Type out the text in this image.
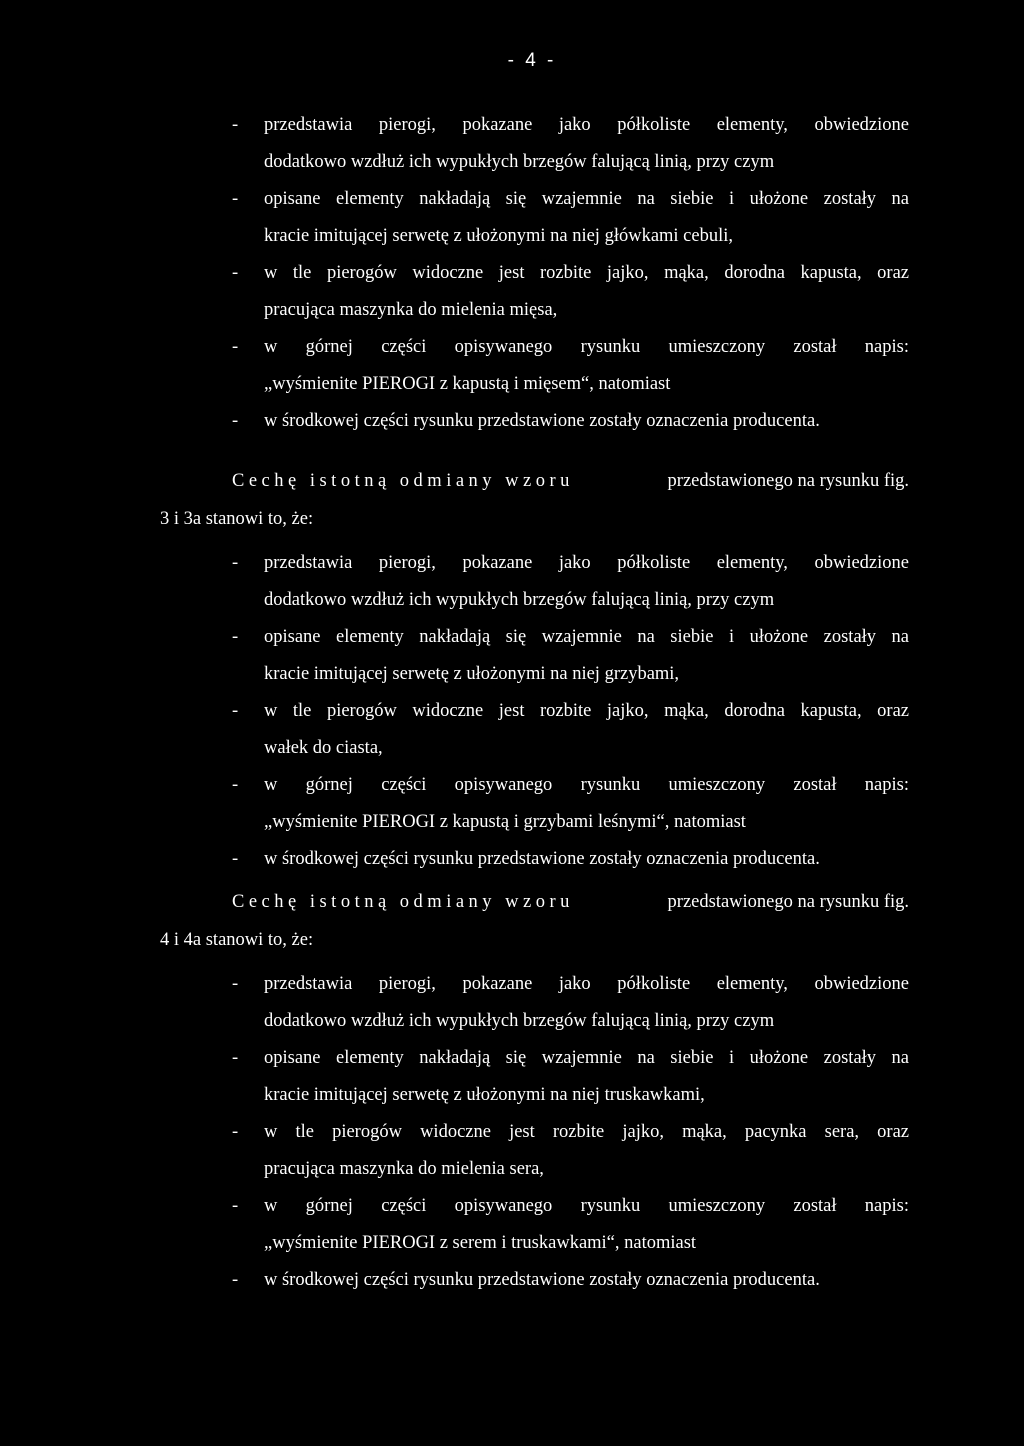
- 4 -
-	przedstawia pierogi, pokazane jako półkoliste elementy, obwiedzione
dodatkowo wzdłuż ich wypukłych brzegów falującą linią, przy czym
-	opisane elementy nakładają się wzajemnie na siebie i ułożone zostały na
kracie imitującej serwetę z ułożonymi na niej główkami cebuli,
-	w tle pierogów widoczne jest rozbite jajko, mąka, dorodna kapusta, oraz
pracująca maszynka do mielenia mięsa,
-	w górnej części opisywanego rysunku umieszczony został napis:
„wyśmienite PIEROGI z kapustą i mięsem“, natomiast
-	w środkowej części rysunku przedstawione zostały oznaczenia producenta.
Cechę istotną odmiany wzoru	przedstawionego na rysunku fig.
3 i 3a stanowi to, że:
-	przedstawia pierogi, pokazane jako półkoliste elementy, obwiedzione
dodatkowo wzdłuż ich wypukłych brzegów falującą linią, przy czym
-	opisane elementy nakładają się wzajemnie na siebie i ułożone zostały na
kracie imitującej serwetę z ułożonymi na niej grzybami,
-	w tle pierogów widoczne jest rozbite jajko, mąka, dorodna kapusta, oraz
wałek do ciasta,
-	w górnej części opisywanego rysunku umieszczony został napis:
„wyśmienite PIEROGI z kapustą i grzybami leśnymi“, natomiast
-	w środkowej części rysunku przedstawione zostały oznaczenia producenta.
Cechę istotną odmiany wzoru	przedstawionego na rysunku fig.
4 i 4a stanowi to, że:
-	przedstawia pierogi, pokazane jako półkoliste elementy, obwiedzione
dodatkowo wzdłuż ich wypukłych brzegów falującą linią, przy czym
-	opisane elementy nakładają się wzajemnie na siebie i ułożone zostały na
kracie imitującej serwetę z ułożonymi na niej truskawkami,
-	w tle pierogów widoczne jest rozbite jajko, mąka, pacynka sera, oraz
pracująca maszynka do mielenia sera,
-	w górnej części opisywanego rysunku umieszczony został napis:
„wyśmienite PIEROGI z serem i truskawkami“, natomiast
-	w środkowej części rysunku przedstawione zostały oznaczenia producenta.
